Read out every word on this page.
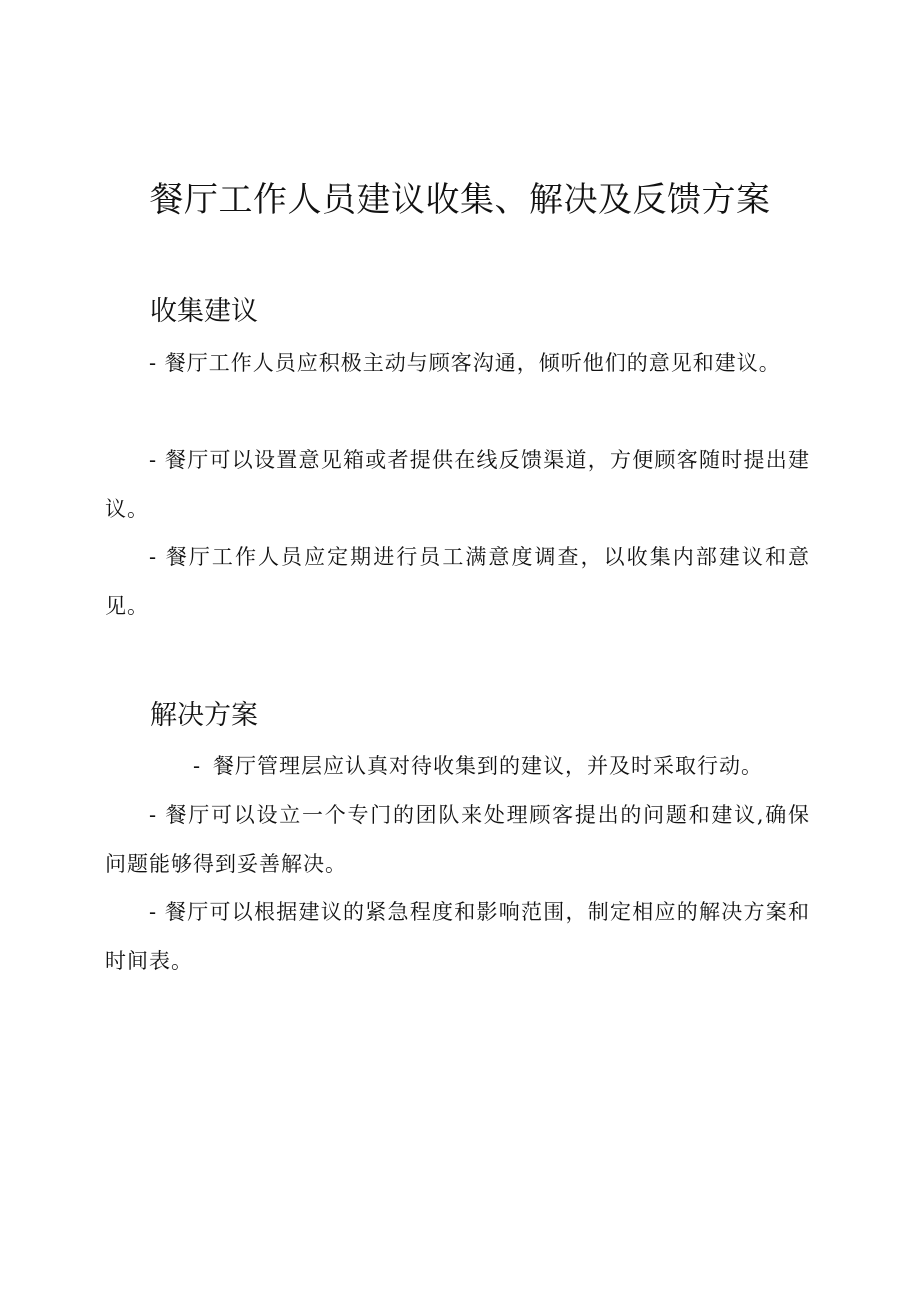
餐厅工作人员建议收集、解决及反馈方案
收集建议

- 餐厅工作人员应积极主动与顾客沟通，倾听他们的意见和建议。

- 餐厅可以设置意见箱或者提供在线反馈渠道，方便顾客随时提出建议。

- 餐厅工作人员应定期进行员工满意度调查，以收集内部建议和意见。

解决方案

- 餐厅管理层应认真对待收集到的建议，并及时采取行动。

- 餐厅可以设立一个专门的团队来处理顾客提出的问题和建议,确保问题能够得到妥善解决。

- 餐厅可以根据建议的紧急程度和影响范围，制定相应的解决方案和时间表。
